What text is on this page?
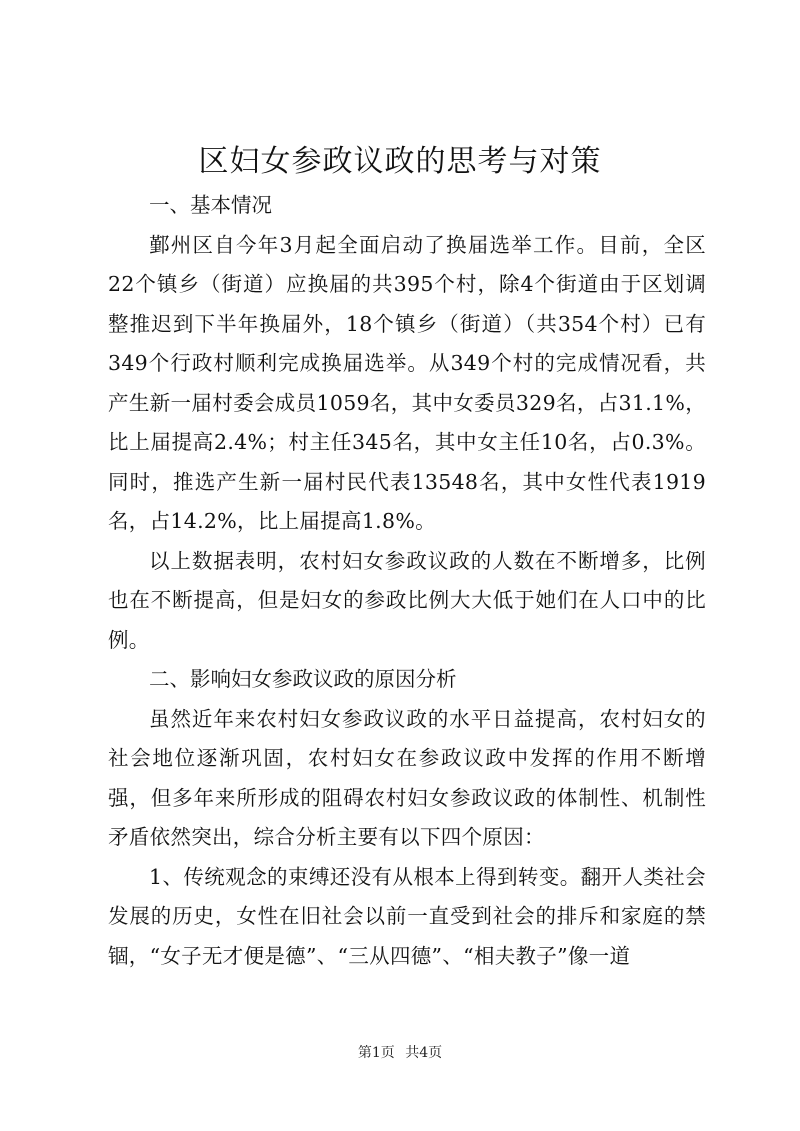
区妇女参政议政的思考与对策

一、基本情况

鄞州区自今年3月起全面启动了换届选举工作。目前，全区22个镇乡（街道）应换届的共395个村，除4个街道由于区划调整推迟到下半年换届外，18个镇乡（街道）（共354个村）已有349个行政村顺利完成换届选举。从349个村的完成情况看，共产生新一届村委会成员1059名，其中女委员329名，占31.1%，比上届提高2.4%；村主任345名，其中女主任10名，占0.3%。同时，推选产生新一届村民代表13548名，其中女性代表1919名，占14.2%，比上届提高1.8%。

以上数据表明，农村妇女参政议政的人数在不断增多，比例也在不断提高，但是妇女的参政比例大大低于她们在人口中的比例。

二、影响妇女参政议政的原因分析

虽然近年来农村妇女参政议政的水平日益提高，农村妇女的社会地位逐渐巩固，农村妇女在参政议政中发挥的作用不断增强，但多年来所形成的阻碍农村妇女参政议政的体制性、机制性矛盾依然突出，综合分析主要有以下四个原因：

1、传统观念的束缚还没有从根本上得到转变。翻开人类社会发展的历史，女性在旧社会以前一直受到社会的排斥和家庭的禁锢，“女子无才便是德”、“三从四德”、“相夫教子”像一道

第1页 共4页
